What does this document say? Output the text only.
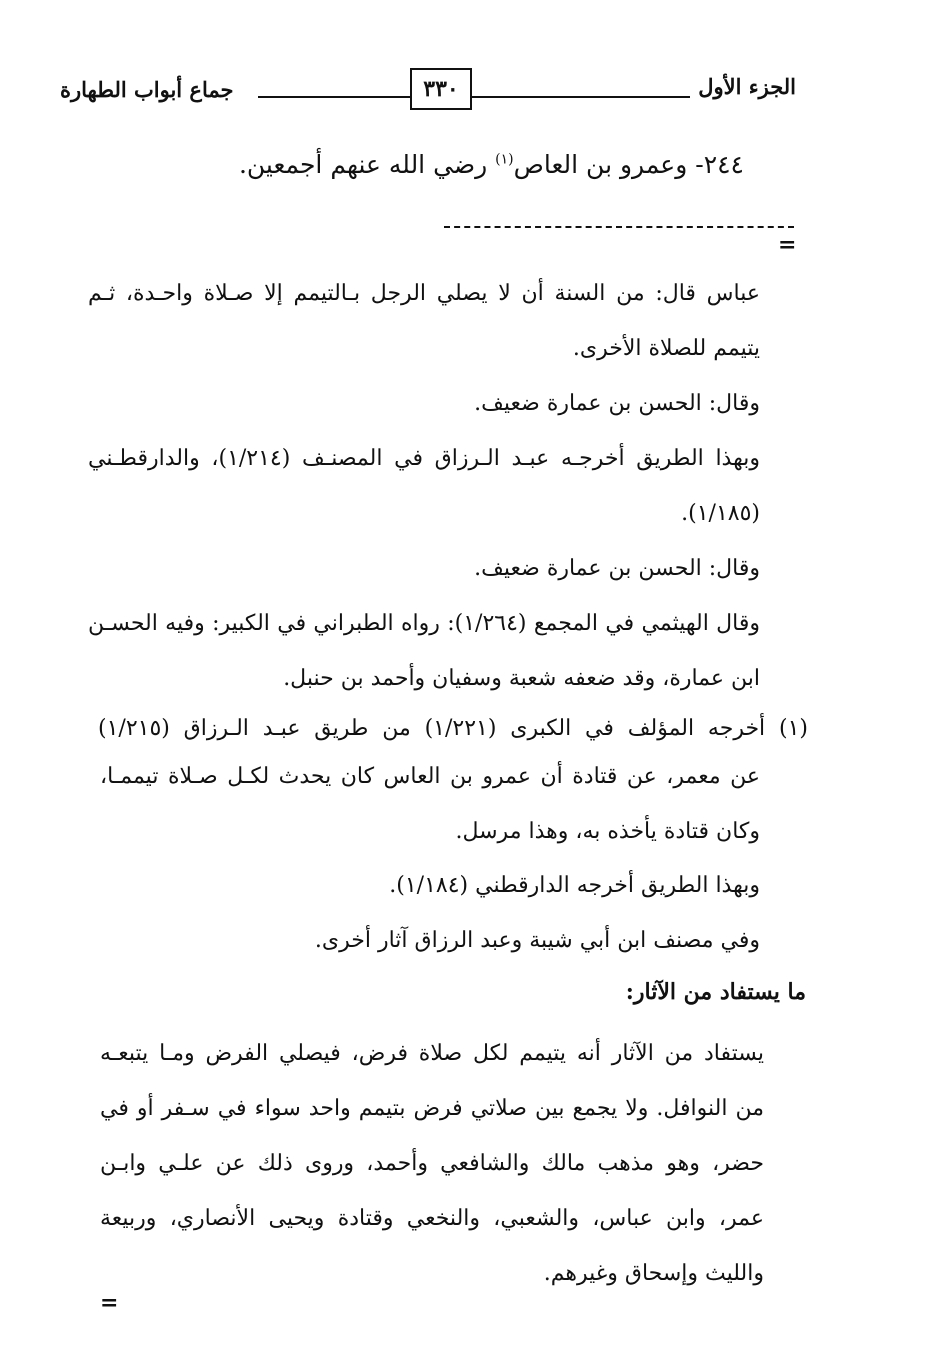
الجزء الأول
٣٣٠
جماع أبواب الطهارة
٢٤٤- وعمرو بن العاص$^{(١)}$ رضي الله عنهم أجمعين.
=

عباس قال: من السنة أن لا يصلي الرجل بـالتيمم إلا صـلاة واحـدة، ثـم

يتيمم للصلاة الأخرى.

وقال: الحسن بن عمارة ضعيف.

وبهذا الطريق أخرجـه عبـد الـرزاق في المصنـف (١/٢١٤)، والدارقطـني

(١/١٨٥).

وقال: الحسن بن عمارة ضعيف.

وقال الهيثمي في المجمع (١/٢٦٤): رواه الطبراني في الكبير: وفيه الحسـن

ابن عمارة، وقد ضعفه شعبة وسفيان وأحمد بن حنبل.

(١) أخرجه المؤلف في الكبرى (١/٢٢١) من طريق عبـد الـرزاق (١/٢١٥)

عن معمر، عن قتادة أن عمرو بن العاس كان يحدث لكـل صـلاة تيممـا،

وكان قتادة يأخذه به، وهذا مرسل.

وبهذا الطريق أخرجه الدارقطني (١/١٨٤).

وفي مصنف ابن أبي شيبة وعبد الرزاق آثار أخرى.

ما يستفاد من الآثار:

يستفاد من الآثار أنه يتيمم لكل صلاة فرض، فيصلي الفرض ومـا يتبعـه

من النوافل. ولا يجمع بين صلاتي فرض بتيمم واحد سواء في سـفر أو في

حضر، وهو مذهب مالك والشافعي وأحمد، وروى ذلك عن علـي وابـن

عمر، وابن عباس، والشعبي، والنخعي وقتادة ويحيى الأنصاري، وربيعة

والليث وإسحاق وغيرهم.

=
